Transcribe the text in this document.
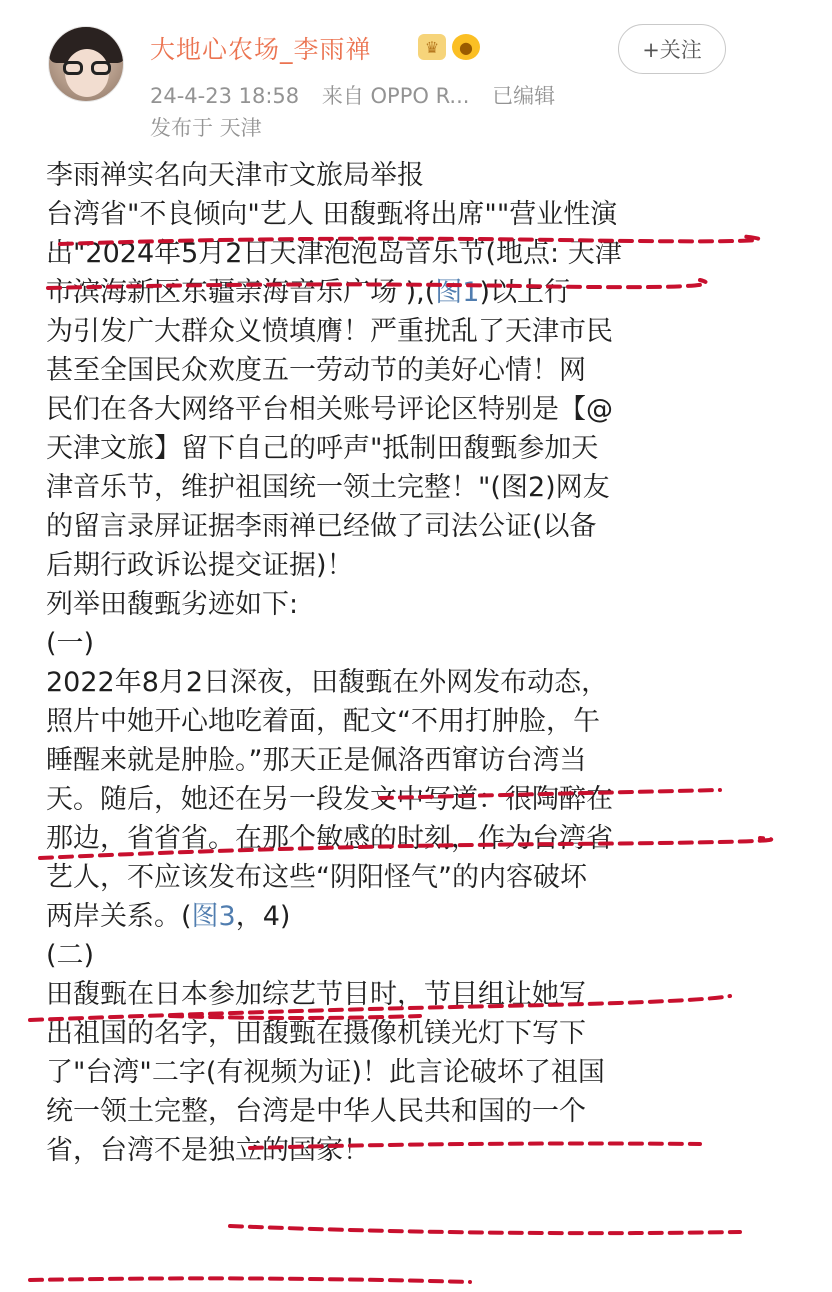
大地心农场_李雨禅	♛	●
24-4-23 18:58 来自 OPPO R... 已编辑
发布于 天津
+关注

李雨禅实名向天津市文旅局举报

台湾省"不良倾向"艺人 田馥甄将出席""营业性演

出"2024年5月2日天津泡泡岛音乐节(地点: 天津

市滨海新区东疆亲海音乐广场 ),(图1)以上行

为引发广大群众义愤填膺！严重扰乱了天津市民

甚至全国民众欢度五一劳动节的美好心情！网

民们在各大网络平台相关账号评论区特别是【@

天津文旅】留下自己的呼声"抵制田馥甄参加天

津音乐节，维护祖国统一领土完整！"(图2)网友

的留言录屏证据李雨禅已经做了司法公证(以备

后期行政诉讼提交证据)！

列举田馥甄劣迹如下:

(一)

2022年8月2日深夜，田馥甄在外网发布动态，

照片中她开心地吃着面，配文“不用打肿脸，午

睡醒来就是肿脸。”那天正是佩洛西窜访台湾当

天。随后，她还在另一段发文中写道：很陶醉在

那边，省省省。在那个敏感的时刻，作为台湾省

艺人，不应该发布这些“阴阳怪气”的内容破坏

两岸关系。(图3，4)

(二)

田馥甄在日本参加综艺节目时，节目组让她写

出祖国的名字，田馥甄在摄像机镁光灯下写下

了"台湾"二字(有视频为证)！此言论破坏了祖国

统一领土完整，台湾是中华人民共和国的一个

省，台湾不是独立的国家！
